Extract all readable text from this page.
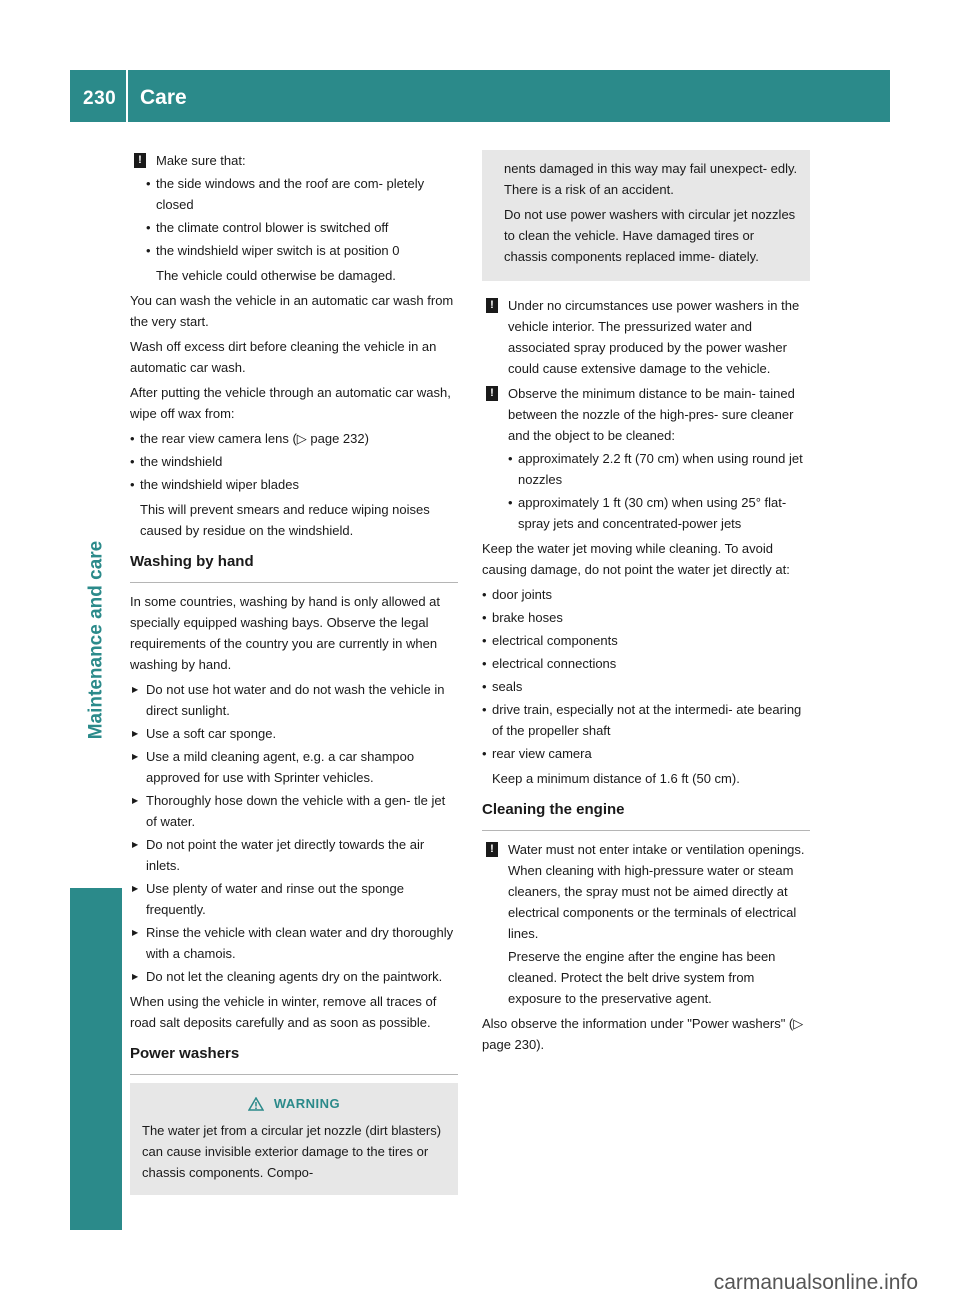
230 Care
Maintenance and care
!	Make sure that:

• the side windows and the roof are com- pletely closed
• the climate control blower is switched off
• the windshield wiper switch is at position 0

The vehicle could otherwise be damaged.

You can wash the vehicle in an automatic car wash from the very start.

Wash off excess dirt before cleaning the vehicle in an automatic car wash.

After putting the vehicle through an automatic car wash, wipe off wax from:

• the rear view camera lens (▷ page 232)
• the windshield
• the windshield wiper blades

This will prevent smears and reduce wiping noises caused by residue on the windshield.

Washing by hand

In some countries, washing by hand is only allowed at specially equipped washing bays. Observe the legal requirements of the country you are currently in when washing by hand.

▶ Do not use hot water and do not wash the vehicle in direct sunlight.
▶ Use a soft car sponge.
▶ Use a mild cleaning agent, e.g. a car shampoo approved for use with Sprinter vehicles.
▶ Thoroughly hose down the vehicle with a gen- tle jet of water.
▶ Do not point the water jet directly towards the air inlets.
▶ Use plenty of water and rinse out the sponge frequently.
▶ Rinse the vehicle with clean water and dry thoroughly with a chamois.
▶ Do not let the cleaning agents dry on the paintwork.

When using the vehicle in winter, remove all traces of road salt deposits carefully and as soon as possible.

Power washers
WARNING

The water jet from a circular jet nozzle (dirt blasters) can cause invisible exterior damage to the tires or chassis components. Compo-

nents damaged in this way may fail unexpect- edly. There is a risk of an accident.

Do not use power washers with circular jet nozzles to clean the vehicle. Have damaged tires or chassis components replaced imme- diately.

!	Under no circumstances use power washers in the vehicle interior. The pressurized water and associated spray produced by the power washer could cause extensive damage to the vehicle.

!	Observe the minimum distance to be main- tained between the nozzle of the high-pres- sure cleaner and the object to be cleaned:

• approximately 2.2 ft (70 cm) when using round jet nozzles
• approximately 1 ft (30 cm) when using 25° flat-spray jets and concentrated-power jets

Keep the water jet moving while cleaning. To avoid causing damage, do not point the water jet directly at:

• door joints
• brake hoses
• electrical components
• electrical connections
• seals
• drive train, especially not at the intermedi- ate bearing of the propeller shaft
• rear view camera

Keep a minimum distance of 1.6 ft (50 cm).

Cleaning the engine
!	Water must not enter intake or ventilation openings. When cleaning with high-pressure water or steam cleaners, the spray must not be aimed directly at electrical components or the terminals of electrical lines.

Preserve the engine after the engine has been cleaned. Protect the belt drive system from exposure to the preservative agent.

Also observe the information under "Power washers" (▷ page 230).

carmanualsonline.info
